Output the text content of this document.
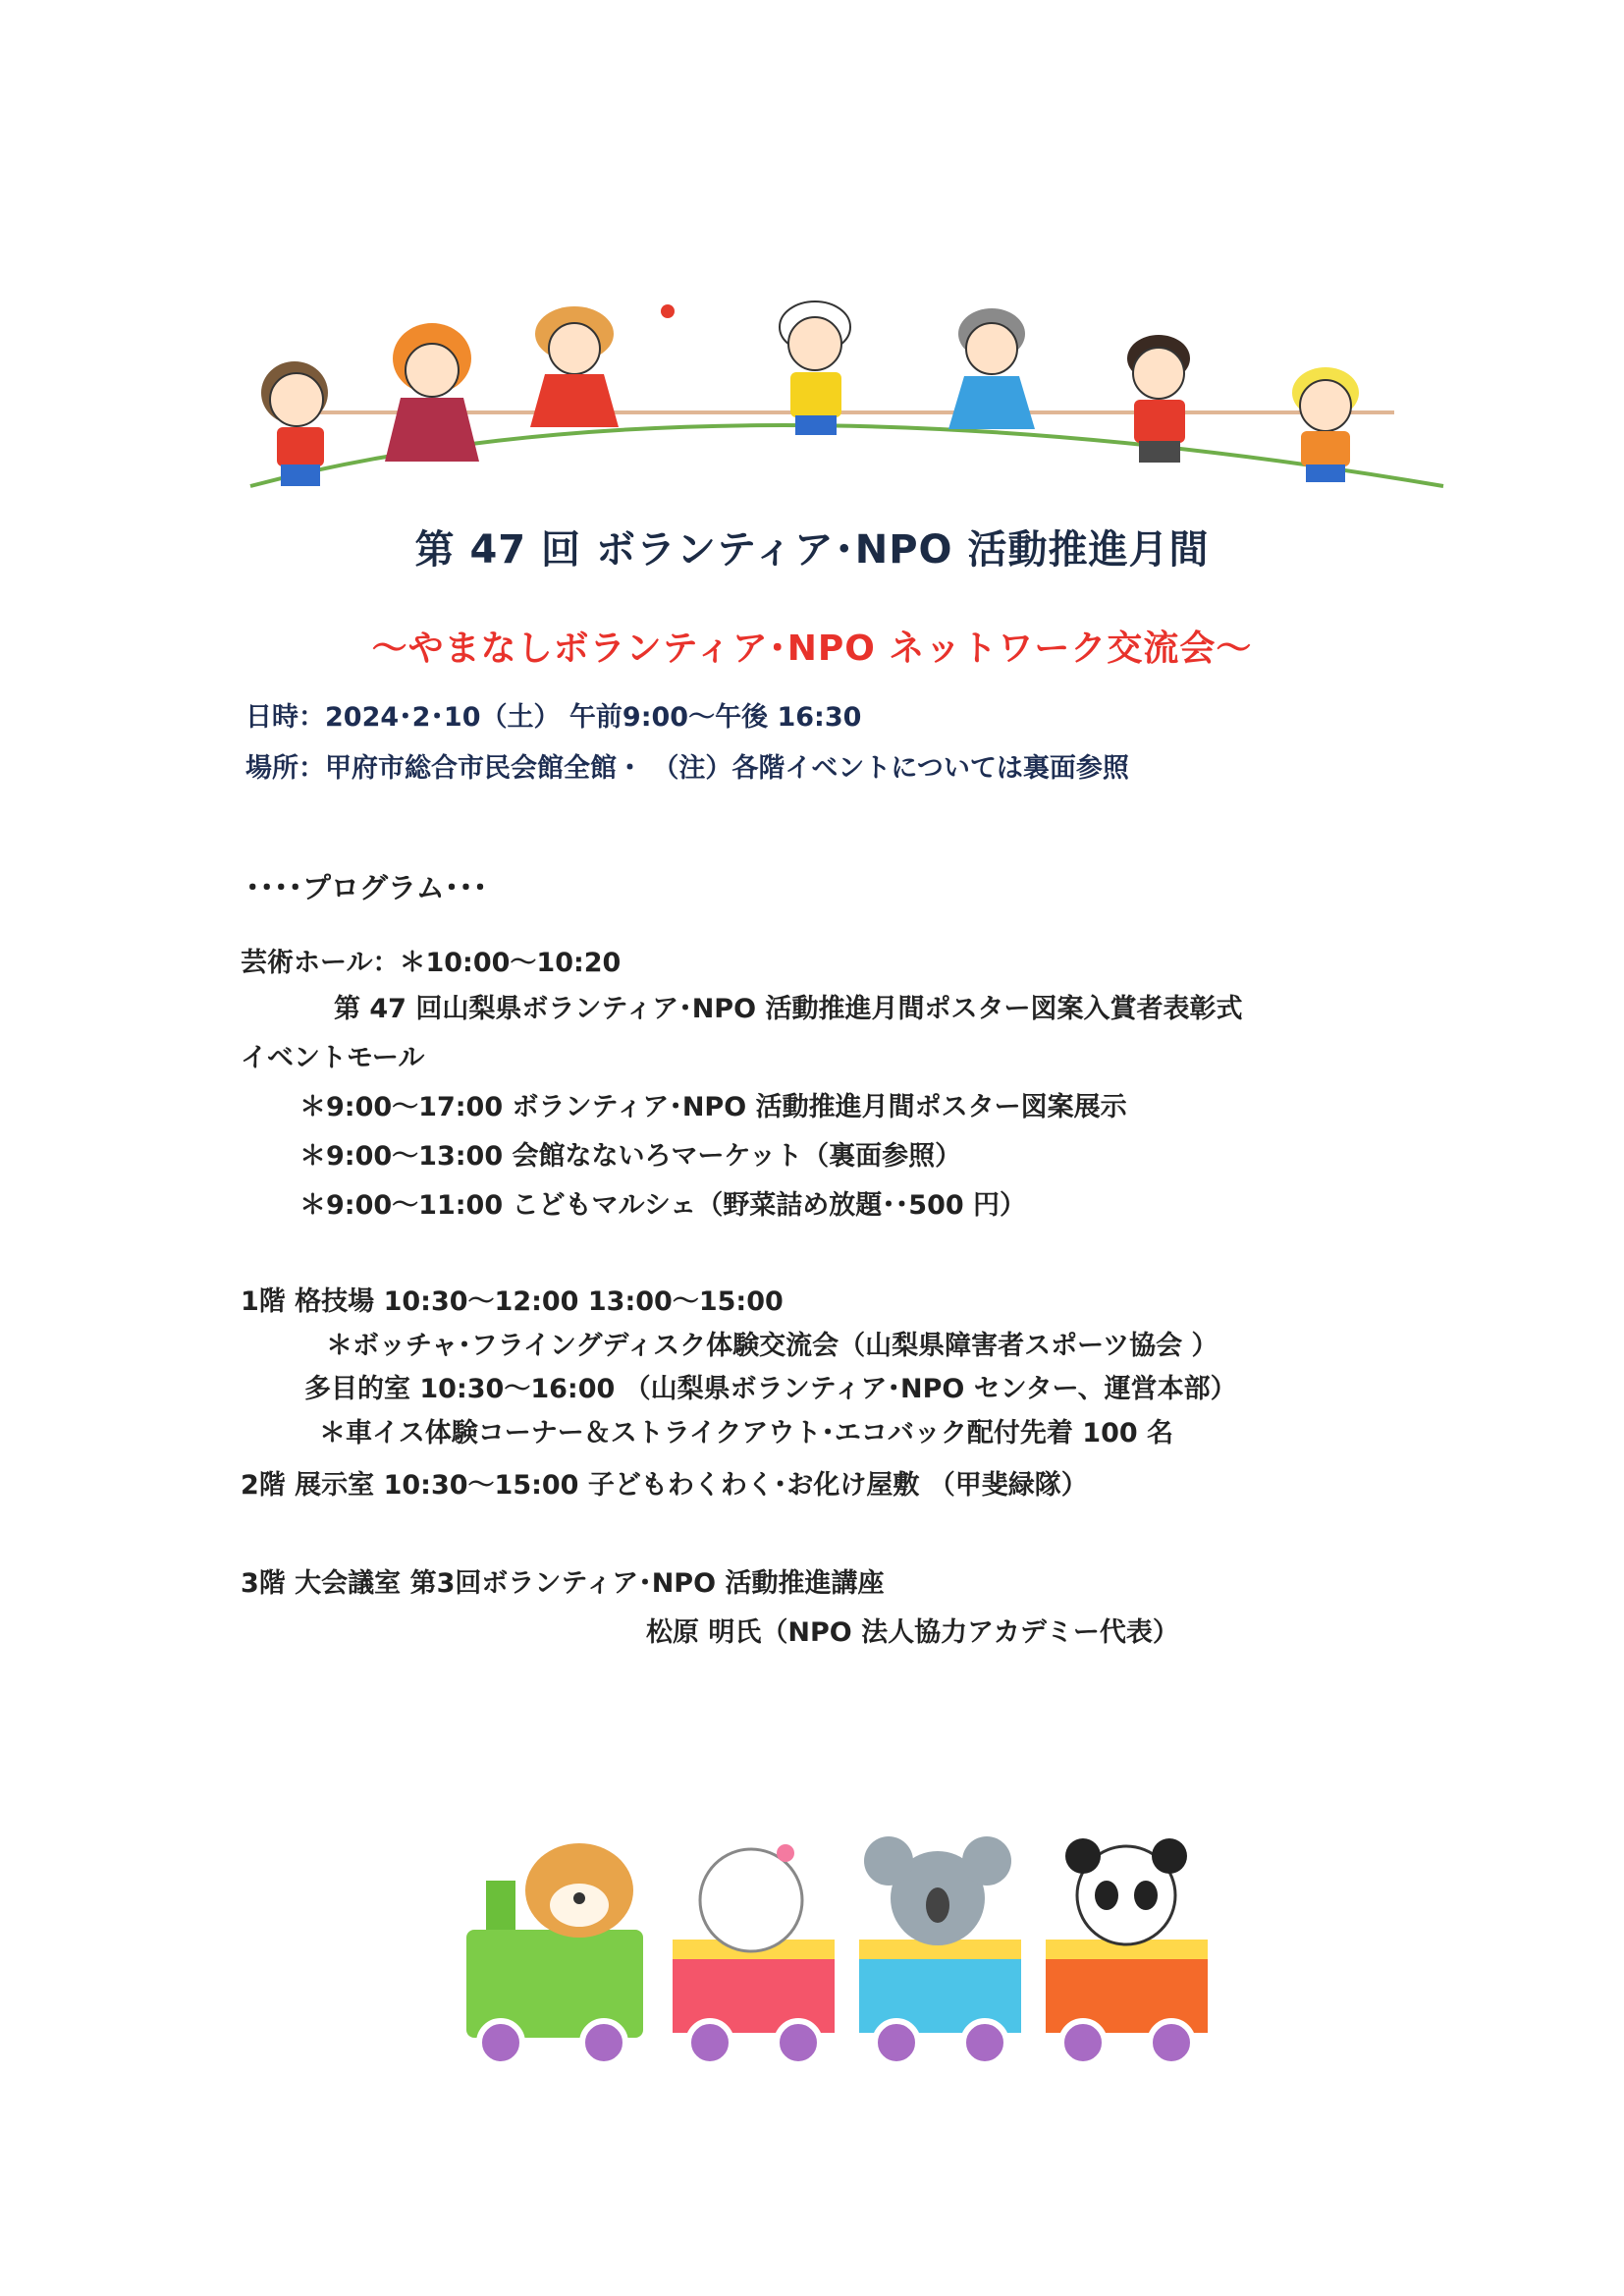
第 47 回 ボランティア･NPO 活動推進月間
～やまなしボランティア･NPO ネットワーク交流会～
日時：2024･2･10（土） 午前9:00～午後 16:30
場所：甲府市総合市民会館全館・ （注）各階イベントについては裏面参照
････プログラム･･･
芸術ホール：＊10:00～10:20
第 47 回山梨県ボランティア･NPO 活動推進月間ポスター図案入賞者表彰式
イベントモール
＊9:00～17:00 ボランティア･NPO 活動推進月間ポスター図案展示
＊9:00～13:00 会館なないろマーケット（裏面参照）
＊9:00～11:00 こどもマルシェ（野菜詰め放題･･500 円）
1階 格技場 10:30～12:00 13:00～15:00
＊ボッチャ･フライングディスク体験交流会（山梨県障害者スポーツ協会 ）
多目的室 10:30～16:00 （山梨県ボランティア･NPO センター、運営本部）
＊車イス体験コーナー＆ストライクアウト･エコバック配付先着 100 名
2階 展示室 10:30～15:00 子どもわくわく･お化け屋敷 （甲斐緑隊）
3階 大会議室 第3回ボランティア･NPO 活動推進講座
松原 明氏（NPO 法人協力アカデミー代表）
